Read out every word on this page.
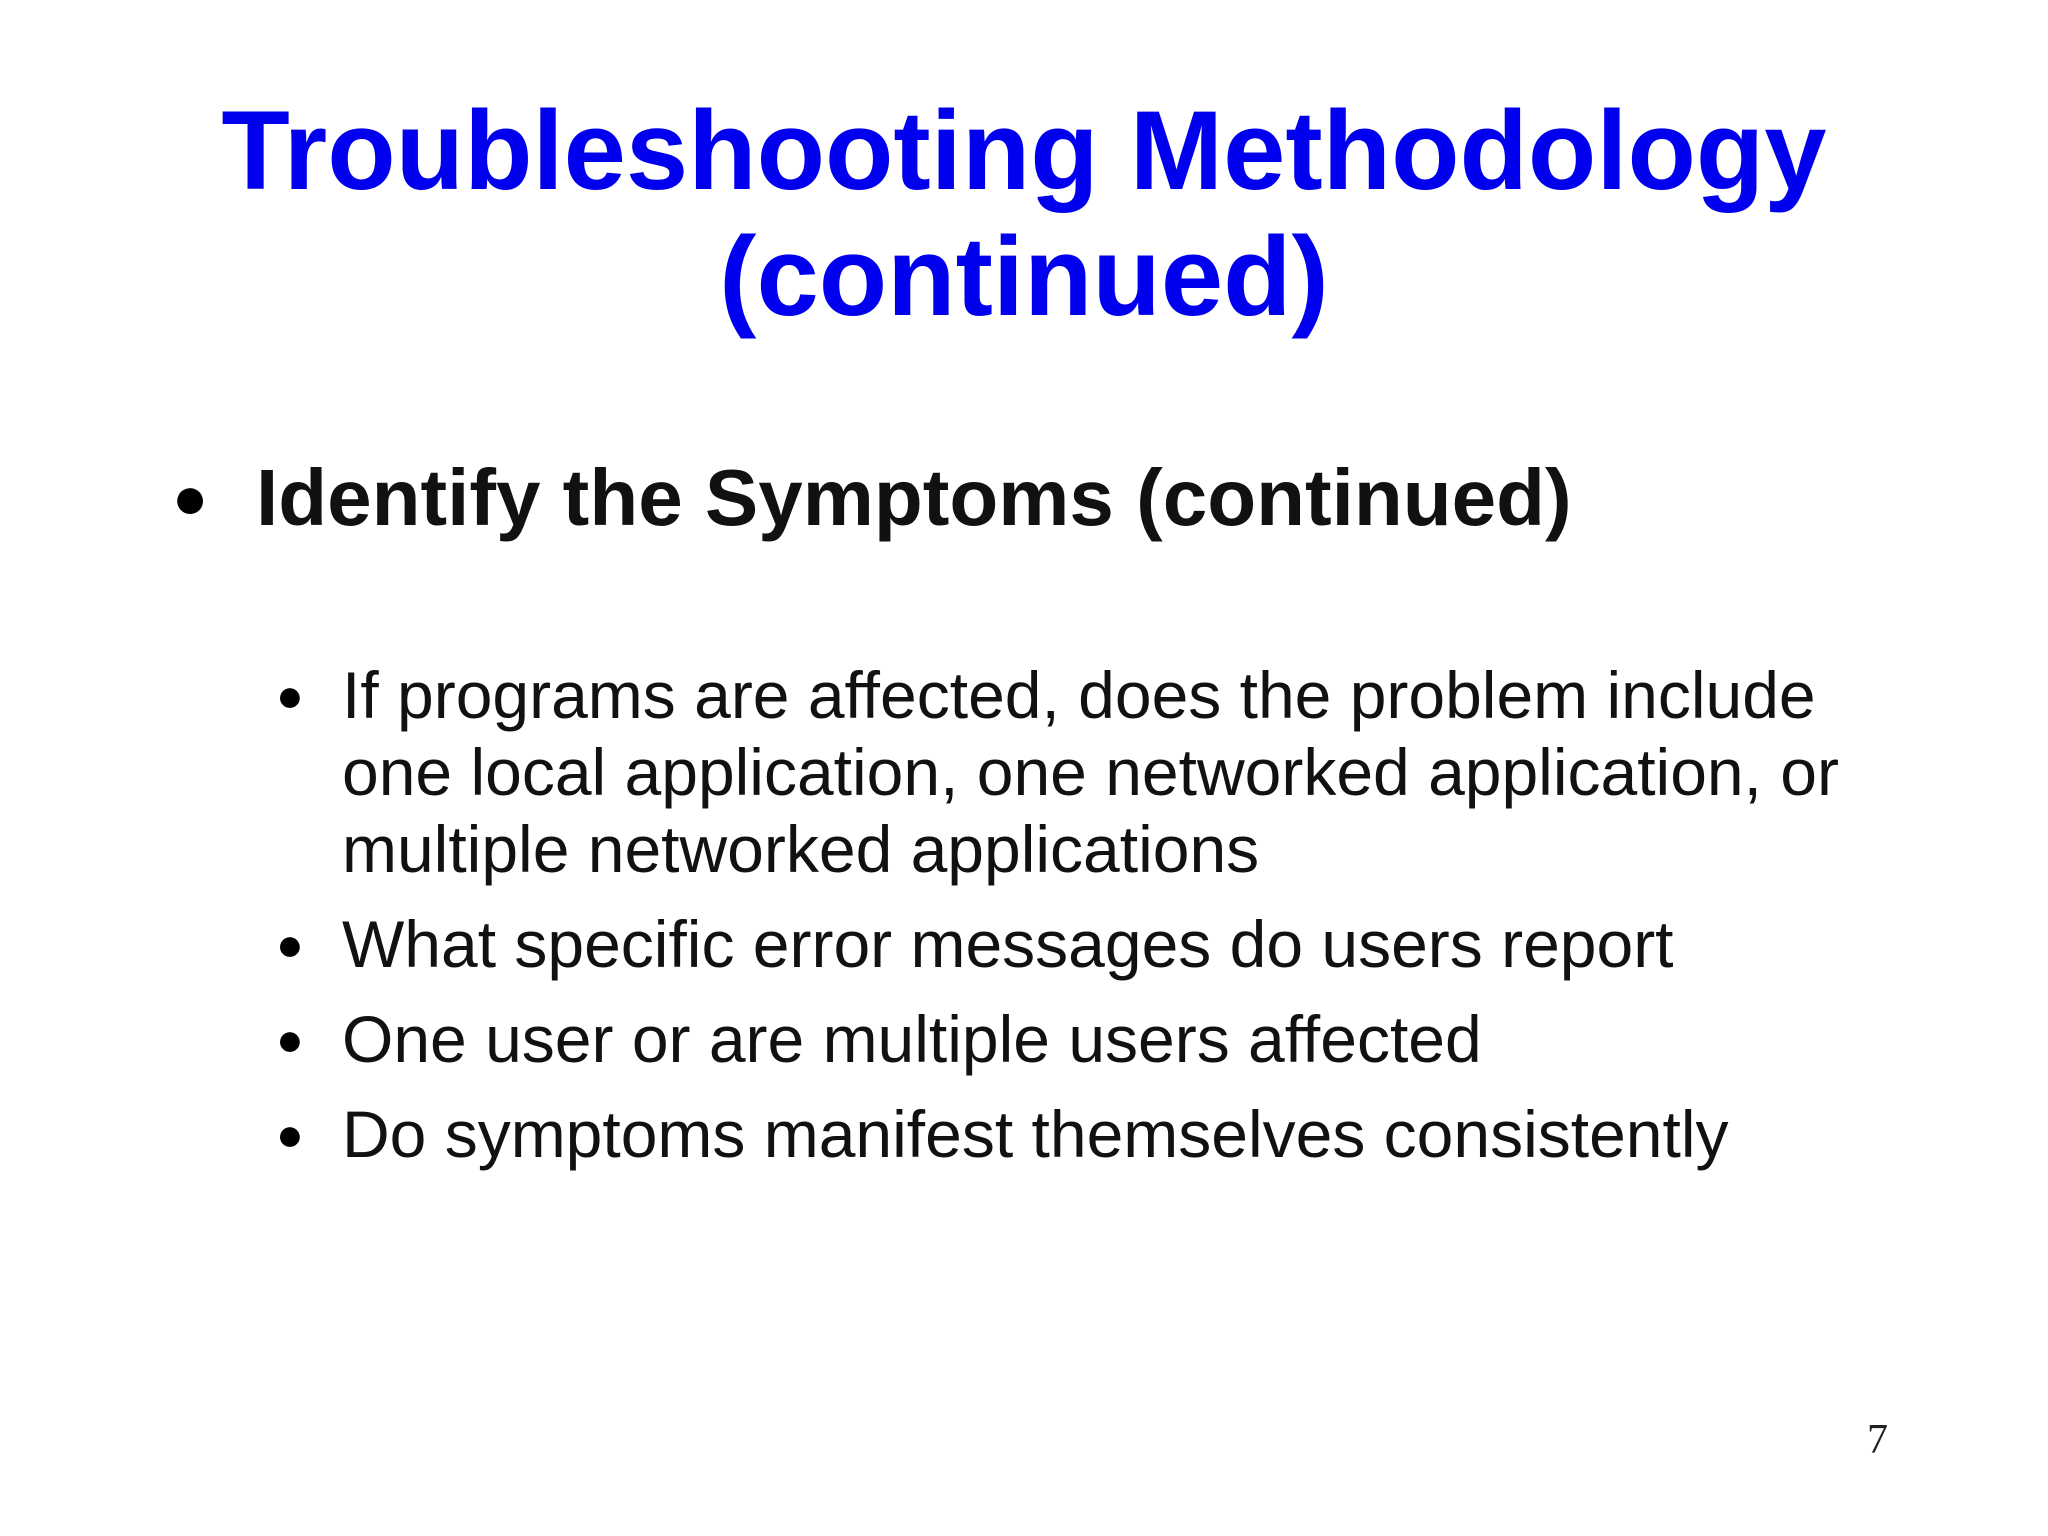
Troubleshooting Methodology
(continued)
● Identify the Symptoms (continued)
● If programs are affected, does the problem include one local application, one networked application, or multiple networked applications
● What specific error messages do users report
● One user or are multiple users affected
● Do symptoms manifest themselves consistently
7
